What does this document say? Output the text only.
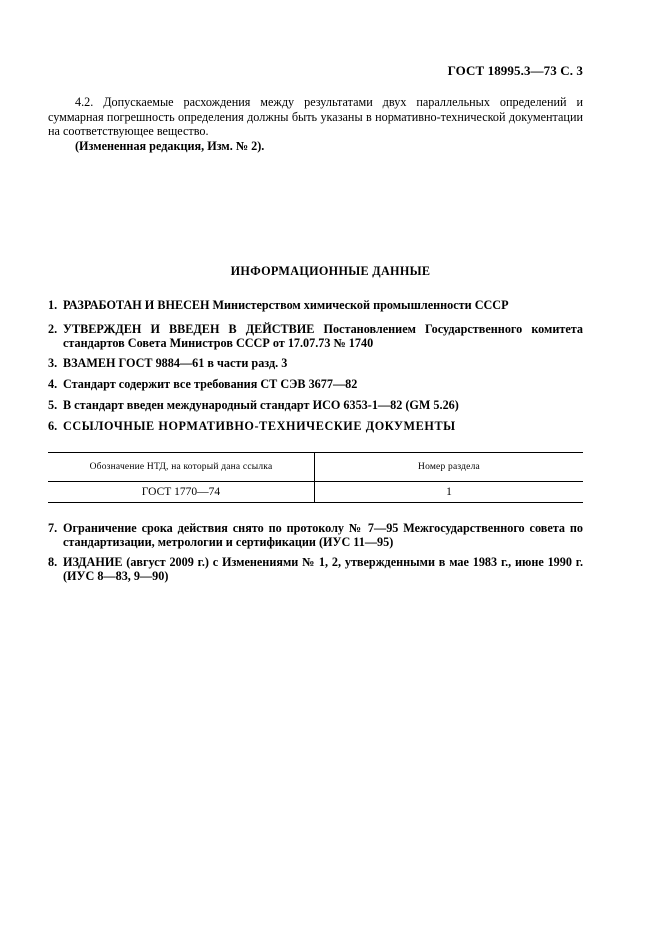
ГОСТ 18995.3—73 С. 3

4.2. Допускаемые расхождения между результатами двух параллельных определений и суммарная погрешность определения должны быть указаны в нормативно-технической документации на соответствующее вещество.

(Измененная редакция, Изм. № 2).

ИНФОРМАЦИОННЫЕ ДАННЫЕ
1. РАЗРАБОТАН И ВНЕСЕН Министерством химической промышленности СССР
2. УТВЕРЖДЕН И ВВЕДЕН В ДЕЙСТВИЕ Постановлением Государственного комитета стандартов Совета Министров СССР от 17.07.73 № 1740
3. ВЗАМЕН ГОСТ 9884—61 в части разд. 3
4. Стандарт содержит все требования СТ СЭВ 3677—82
5. В стандарт введен международный стандарт ИСО 6353-1—82 (GM 5.26)
6. ССЫЛОЧНЫЕ НОРМАТИВНО-ТЕХНИЧЕСКИЕ ДОКУМЕНТЫ
7. Ограничение срока действия снято по протоколу № 7—95 Межгосударственного совета по стандартизации, метрологии и сертификации (ИУС 11—95)
8. ИЗДАНИЕ (август 2009 г.) с Изменениями № 1, 2, утвержденными в мае 1983 г., июне 1990 г. (ИУС 8—83, 9—90)
Обозначение НТД, на который дана ссылка	Номер раздела
ГОСТ 1770—74	1
